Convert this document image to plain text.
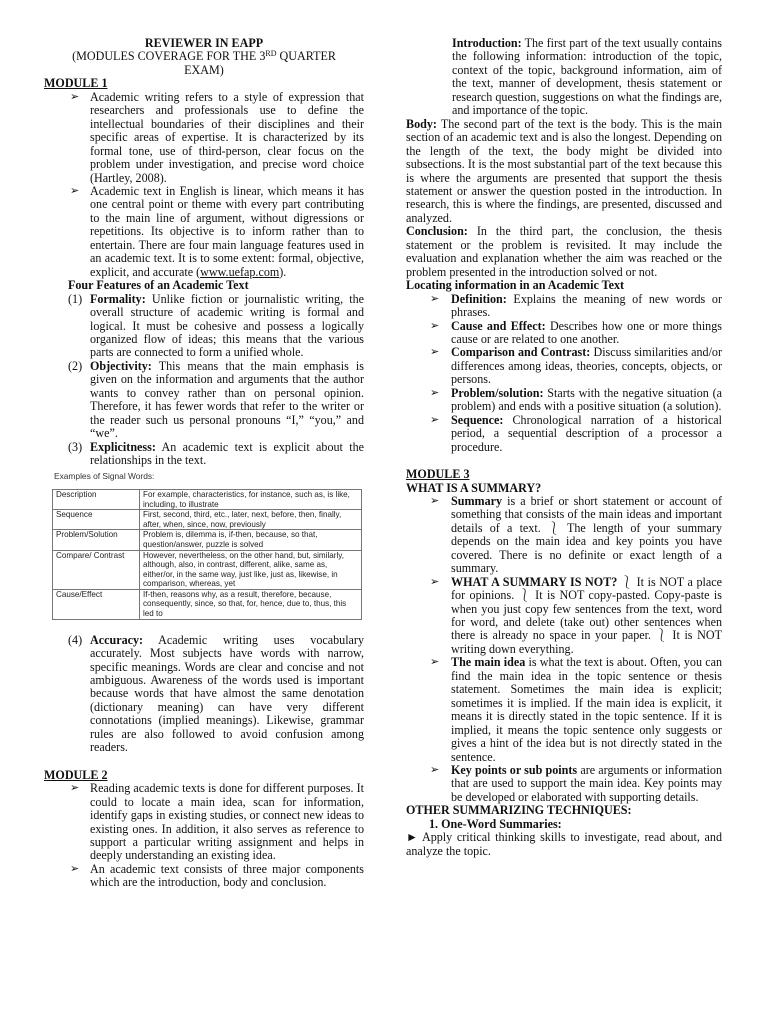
REVIEWER IN EAPP

(MODULES COVERAGE FOR THE 3RD QUARTER

EXAM)

MODULE 1

➢ Academic writing refers to a style of expression that researchers and professionals use to define the intellectual boundaries of their disciplines and their specific areas of expertise. It is characterized by its formal tone, use of third-person, clear focus on the problem under investigation, and precise word choice (Hartley, 2008).
➢ Academic text in English is linear, which means it has one central point or theme with every part contributing to the main line of argument, without digressions or repetitions. Its objective is to inform rather than to entertain. There are four main language features used in an academic text. It is to some extent: formal, objective, explicit, and accurate (www.uefap.com).

Four Features of an Academic Text

(1) Formality: Unlike fiction or journalistic writing, the overall structure of academic writing is formal and logical. It must be cohesive and possess a logically organized flow of ideas; this means that the various parts are connected to form a unified whole.
(2) Objectivity: This means that the main emphasis is given on the information and arguments that the author wants to convey rather than on personal opinion. Therefore, it has fewer words that refer to the writer or the reader such us personal pronouns “I,” “you,” and “we”.
(3) Explicitness: An academic text is explicit about the relationships in the text.

Examples of Signal Words:

Description	For example, characteristics, for instance, such as, is like, including, to illustrate
Sequence	First, second, third, etc., later, next, before, then, finally, after, when, since, now, previously
Problem/Solution	Problem is, dilemma is, if-then, because, so that, question/answer, puzzle is solved
Compare/ Contrast	However, nevertheless, on the other hand, but, similarly, although, also, in contrast, different, alike, same as, either/or, in the same way, just like, just as, likewise, in comparison, whereas, yet
Cause/Effect	If-then, reasons why, as a result, therefore, because, consequently, since, so that, for, hence, due to, thus, this led to
(4) Accuracy: Academic writing uses vocabulary accurately. Most subjects have words with narrow, specific meanings. Words are clear and concise and not ambiguous. Awareness of the words used is important because words that have almost the same denotation (dictionary meaning) can have very different connotations (implied meanings). Likewise, grammar rules are also followed to avoid confusion among readers.

MODULE 2

➢ Reading academic texts is done for different purposes. It could to locate a main idea, scan for information, identify gaps in existing studies, or connect new ideas to existing ones. In addition, it also serves as reference to support a particular writing assignment and helps in deeply understanding an existing idea.
➢ An academic text consists of three major components which are the introduction, body and conclusion.

Introduction: The first part of the text usually contains the following information: introduction of the topic, context of the topic, background information, aim of the text, manner of development, thesis statement or research question, suggestions on what the findings are, and importance of the topic.

Body: The second part of the text is the body. This is the main section of an academic text and is also the longest. Depending on the length of the text, the body might be divided into subsections. It is the most substantial part of the text because this is where the arguments are presented that support the thesis statement or answer the question posted in the introduction. In research, this is where the findings, are presented, discussed and analyzed.

Conclusion: In the third part, the conclusion, the thesis statement or the problem is revisited. It may include the evaluation and explanation whether the aim was reached or the problem presented in the introduction solved or not.

Locating information in an Academic Text

➢ Definition: Explains the meaning of new words or phrases.
➢ Cause and Effect: Describes how one or more things cause or are related to one another.
➢ Comparison and Contrast: Discuss similarities and/or differences among ideas, theories, concepts, objects, or persons.
➢ Problem/solution: Starts with the negative situation (a problem) and ends with a positive situation (a solution).
➢ Sequence: Chronological narration of a historical period, a sequential description of a processor a procedure.

MODULE 3

WHAT IS A SUMMARY?

➢ Summary is a brief or short statement or account of something that consists of the main ideas and important details of a text. ⎱ The length of your summary depends on the main idea and key points you have covered. There is no definite or exact length of a summary.
➢ WHAT A SUMMARY IS NOT? ⎱ It is NOT a place for opinions. ⎱ It is NOT copy-pasted. Copy-paste is when you just copy few sentences from the text, word for word, and delete (take out) other sentences when there is already no space in your paper. ⎱ It is NOT writing down everything.
➢ The main idea is what the text is about. Often, you can find the main idea in the topic sentence or thesis statement. Sometimes the main idea is explicit; sometimes it is implied. If the main idea is explicit, it means it is directly stated in the topic sentence. If it is implied, it means the topic sentence only suggests or gives a hint of the idea but is not directly stated in the sentence.
➢ Key points or sub points are arguments or information that are used to support the main idea. Key points may be developed or elaborated with supporting details.

OTHER SUMMARIZING TECHNIQUES:

1. One-Word Summaries:

► Apply critical thinking skills to investigate, read about, and analyze the topic.
